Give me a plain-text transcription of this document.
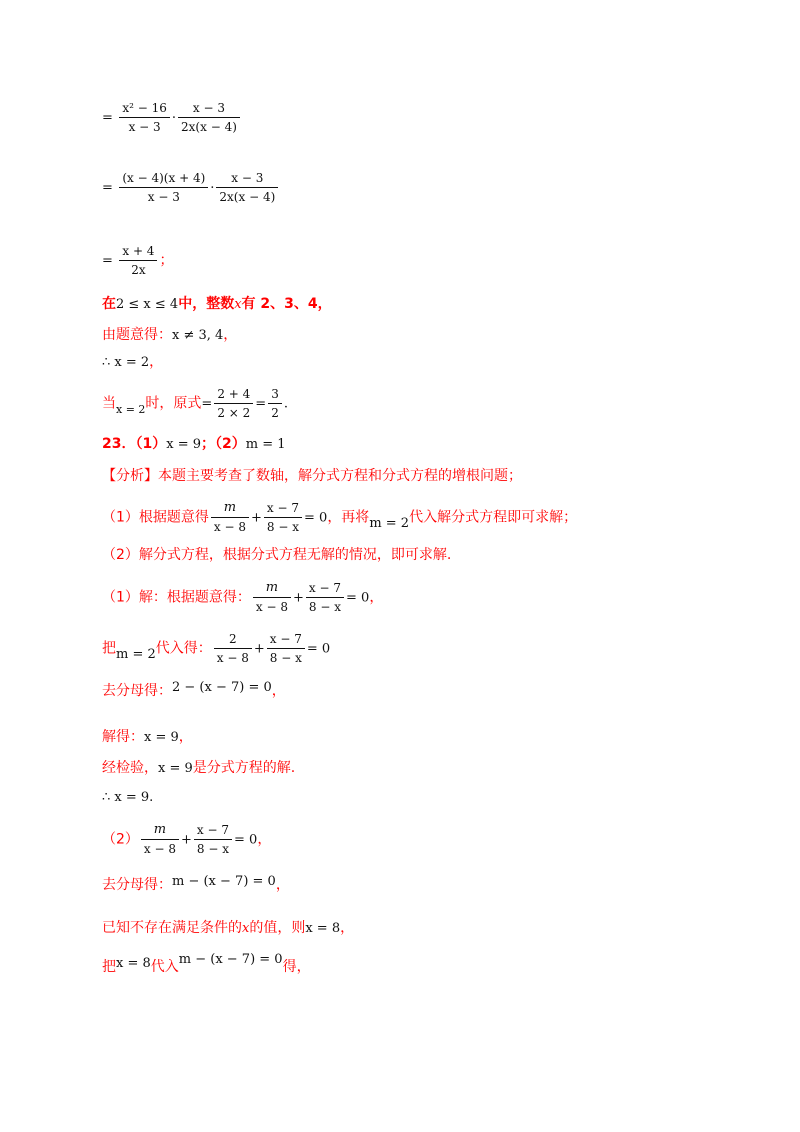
= $\frac{\text{x² − 16}}{x - 3} \cdot \frac{x - 3}{2x(x - 4)}$
= $\frac{(x - 4)(x + 4)}{x - 3} \cdot \frac{x - 3}{2x(x - 4)}$
= $\frac{x + 4}{2x}$ ；
在2 ≤ x ≤ 4中，整数x有 2、3、4，
由题意得：x ≠ 3, 4，
∴ x = 2，
当$_{x = 2}$时，原式= $\frac{2 + 4}{2 \times 2} = \frac{3}{2}$ .
23．（1）x = 9；（2）m = 1
【分析】本题主要考查了数轴，解分式方程和分式方程的增根问题；
（1）根据题意得 $\frac{m}{x - 8} + \frac{x - 7}{8 - x} = 0$，再将m = 2代入解分式方程即可求解；
（2）解分式方程，根据分式方程无解的情况，即可求解.
（1）解：根据题意得： $\frac{m}{x - 8} + \frac{x - 7}{8 - x} = 0$，
把m = 2代入得： $\frac{2}{x - 8} + \frac{x - 7}{8 - x} = 0$
去分母得：2 − (x − 7) = 0，
解得：x = 9，
经检验，x = 9是分式方程的解.
∴ x = 9.
$(2) \frac{m}{x - 8} + \frac{x - 7}{8 - x} = 0$，
去分母得：m − (x − 7) = 0，
已知不存在满足条件的x的值，则x = 8，
把x = 8代入m − (x − 7) = 0得，
